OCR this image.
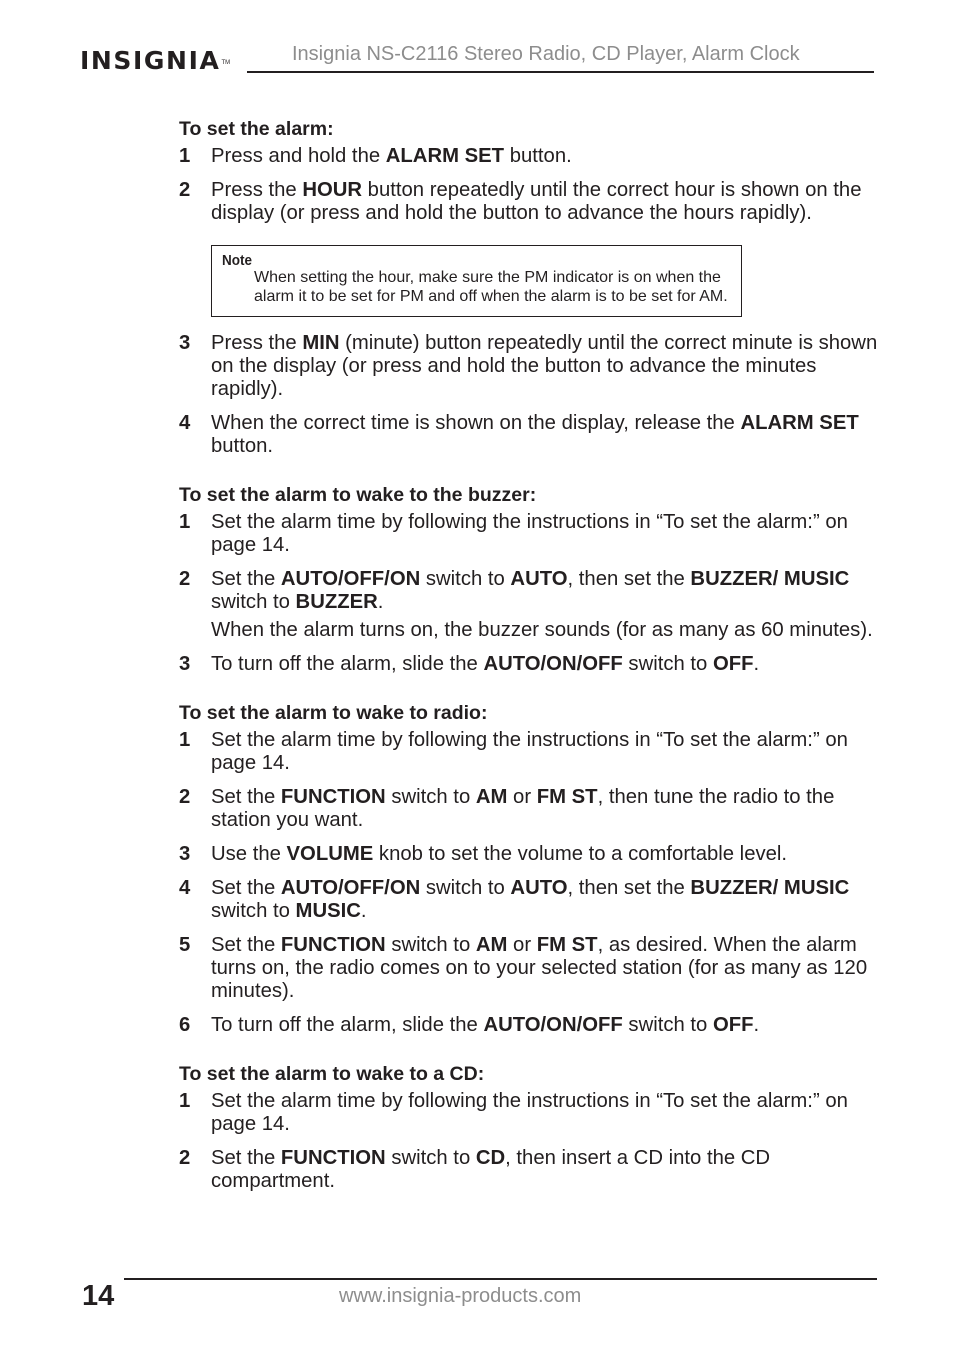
INSIGNIA TM	Insignia NS-C2116 Stereo Radio, CD Player, Alarm Clock
To set the alarm:
1	Press and hold the ALARM SET button.
2	Press the HOUR button repeatedly until the correct hour is shown on the display (or press and hold the button to advance the hours rapidly).
Note
When setting the hour, make sure the PM indicator is on when the alarm it to be set for PM and off when the alarm is to be set for AM.
3	Press the MIN (minute) button repeatedly until the correct minute is shown on the display (or press and hold the button to advance the minutes rapidly).
4	When the correct time is shown on the display, release the ALARM SET button.
To set the alarm to wake to the buzzer:
1	Set the alarm time by following the instructions in “To set the alarm:” on page 14.
2	Set the AUTO/OFF/ON switch to AUTO, then set the BUZZER/ MUSIC switch to BUZZER.
When the alarm turns on, the buzzer sounds (for as many as 60 minutes).
3	To turn off the alarm, slide the AUTO/ON/OFF switch to OFF.
To set the alarm to wake to radio:
1	Set the alarm time by following the instructions in “To set the alarm:” on page 14.
2	Set the FUNCTION switch to AM or FM ST, then tune the radio to the station you want.
3	Use the VOLUME knob to set the volume to a comfortable level.
4	Set the AUTO/OFF/ON switch to AUTO, then set the BUZZER/ MUSIC switch to MUSIC.
5	Set the FUNCTION switch to AM or FM ST, as desired. When the alarm turns on, the radio comes on to your selected station (for as many as 120 minutes).
6	To turn off the alarm, slide the AUTO/ON/OFF switch to OFF.
To set the alarm to wake to a CD:
1	Set the alarm time by following the instructions in “To set the alarm:” on page 14.
2	Set the FUNCTION switch to CD, then insert a CD into the CD compartment.
14	www.insignia-products.com
